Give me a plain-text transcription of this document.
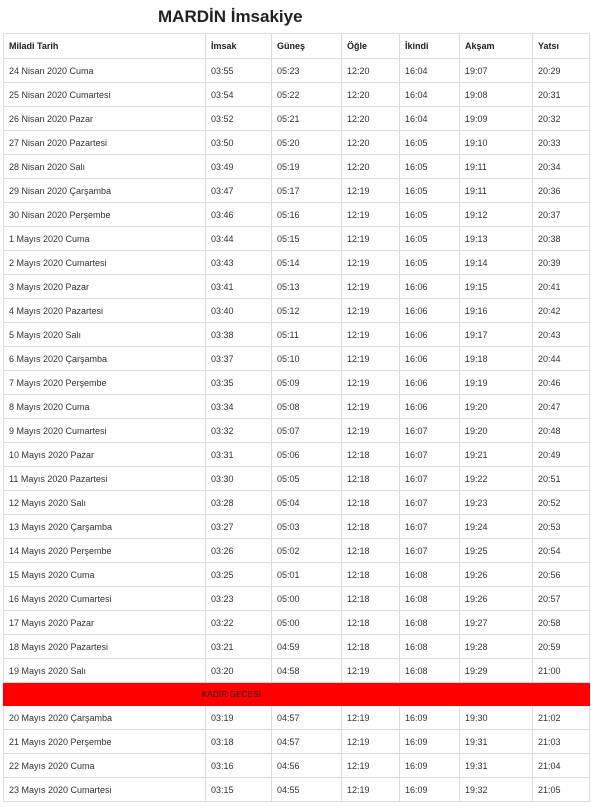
MARDİN İmsakiye
Miladi Tarih	İmsak	Güneş	Öğle	İkindi	Akşam	Yatsı
24 Nisan 2020 Cuma	03:55	05:23	12:20	16:04	19:07	20:29
25 Nisan 2020 Cumartesi	03:54	05:22	12:20	16:04	19:08	20:31
26 Nisan 2020 Pazar	03:52	05:21	12:20	16:04	19:09	20:32
27 Nisan 2020 Pazartesi	03:50	05:20	12:20	16:05	19:10	20:33
28 Nisan 2020 Salı	03:49	05:19	12:20	16:05	19:11	20:34
29 Nisan 2020 Çarşamba	03:47	05:17	12:19	16:05	19:11	20:36
30 Nisan 2020 Perşembe	03:46	05:16	12:19	16:05	19:12	20:37
1 Mayıs 2020 Cuma	03:44	05:15	12:19	16:05	19:13	20:38
2 Mayıs 2020 Cumartesi	03:43	05:14	12:19	16:05	19:14	20:39
3 Mayıs 2020 Pazar	03:41	05:13	12:19	16:06	19:15	20:41
4 Mayıs 2020 Pazartesi	03:40	05:12	12:19	16:06	19:16	20:42
5 Mayıs 2020 Salı	03:38	05:11	12:19	16:06	19:17	20:43
6 Mayıs 2020 Çarşamba	03:37	05:10	12:19	16:06	19:18	20:44
7 Mayıs 2020 Perşembe	03:35	05:09	12:19	16:06	19:19	20:46
8 Mayıs 2020 Cuma	03:34	05:08	12:19	16:06	19:20	20:47
9 Mayıs 2020 Cumartesi	03:32	05:07	12:19	16:07	19:20	20:48
10 Mayıs 2020 Pazar	03:31	05:06	12:18	16:07	19:21	20:49
11 Mayıs 2020 Pazartesi	03:30	05:05	12:18	16:07	19:22	20:51
12 Mayıs 2020 Salı	03:28	05:04	12:18	16:07	19:23	20:52
13 Mayıs 2020 Çarşamba	03:27	05:03	12:18	16:07	19:24	20:53
14 Mayıs 2020 Perşembe	03:26	05:02	12:18	16:07	19:25	20:54
15 Mayıs 2020 Cuma	03:25	05:01	12:18	16:08	19:26	20:56
16 Mayıs 2020 Cumartesi	03:23	05:00	12:18	16:08	19:26	20:57
17 Mayıs 2020 Pazar	03:22	05:00	12:18	16:08	19:27	20:58
18 Mayıs 2020 Pazartesi	03:21	04:59	12:18	16:08	19:28	20:59
19 Mayıs 2020 Salı	03:20	04:58	12:19	16:08	19:29	21:00
KADİR GECESİ						
20 Mayıs 2020 Çarşamba	03:19	04:57	12:19	16:09	19:30	21:02
21 Mayıs 2020 Perşembe	03:18	04:57	12:19	16:09	19:31	21:03
22 Mayıs 2020 Cuma	03:16	04:56	12:19	16:09	19:31	21:04
23 Mayıs 2020 Cumartesi	03:15	04:55	12:19	16:09	19:32	21:05
